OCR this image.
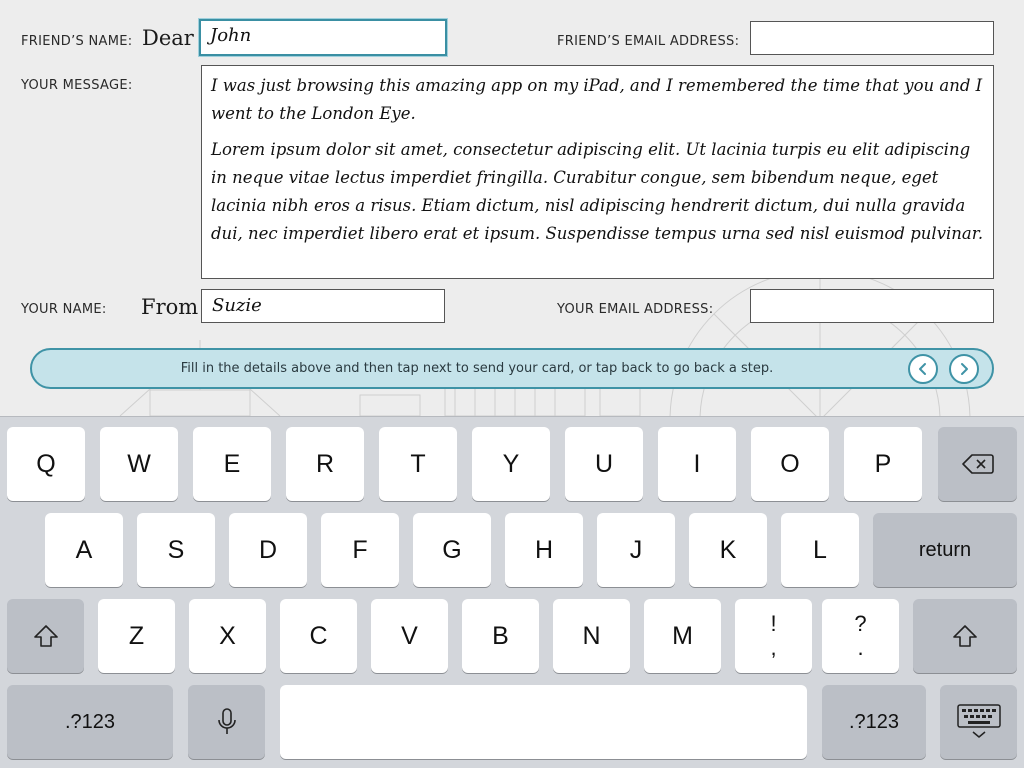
FRIEND’S NAME: Dear John	FRIEND’S EMAIL ADDRESS:
YOUR MESSAGE:	I was just browsing this amazing app on my iPad, and I remembered the time that you and I went to the London Eye.

Lorem ipsum dolor sit amet, consectetur adipiscing elit. Ut lacinia turpis eu elit adipiscing in neque vitae lectus imperdiet fringilla. Curabitur congue, sem bibendum neque, eget lacinia nibh eros a risus. Etiam dictum, nisl adipiscing hendrerit dictum, dui nulla gravida dui, nec imperdiet libero erat et ipsum. Suspendisse tempus urna sed nisl euismod pulvinar.

YOUR NAME: From Suzie	YOUR EMAIL ADDRESS:
Fill in the details above and then tap next to send your card, or tap back to go back a step.
Q	W	E	R	T	Y	U	I	O	P
A	S	D	F	G	H	J	K	L	return
Z	X	C	V	B	N	M	!
,
?
.
.?123	.?123
